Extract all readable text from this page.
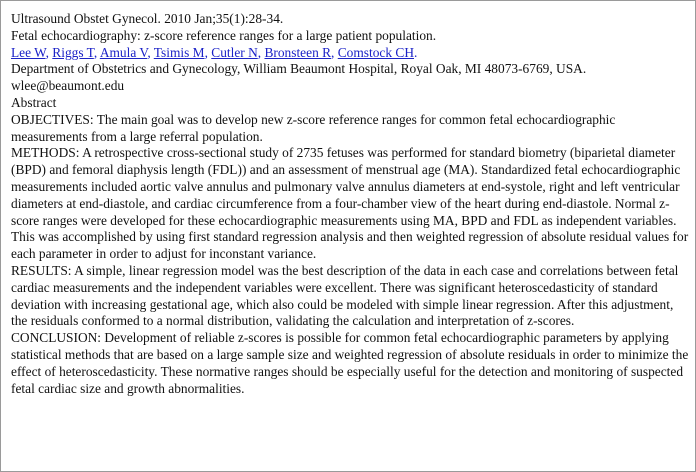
Ultrasound Obstet Gynecol. 2010 Jan;35(1):28-34.
Fetal echocardiography: z-score reference ranges for a large patient population.
Lee W, Riggs T, Amula V, Tsimis M, Cutler N, Bronsteen R, Comstock CH.
Department of Obstetrics and Gynecology, William Beaumont Hospital, Royal Oak, MI 48073-6769, USA.
wlee@beaumont.edu
Abstract
OBJECTIVES: The main goal was to develop new z-score reference ranges for common fetal echocardiographic measurements from a large referral population.
METHODS: A retrospective cross-sectional study of 2735 fetuses was performed for standard biometry (biparietal diameter (BPD) and femoral diaphysis length (FDL)) and an assessment of menstrual age (MA). Standardized fetal echocardiographic measurements included aortic valve annulus and pulmonary valve annulus diameters at end-systole, right and left ventricular diameters at end-diastole, and cardiac circumference from a four-chamber view of the heart during end-diastole. Normal z-score ranges were developed for these echocardiographic measurements using MA, BPD and FDL as independent variables. This was accomplished by using first standard regression analysis and then weighted regression of absolute residual values for each parameter in order to adjust for inconstant variance.
RESULTS: A simple, linear regression model was the best description of the data in each case and correlations between fetal cardiac measurements and the independent variables were excellent. There was significant heteroscedasticity of standard deviation with increasing gestational age, which also could be modeled with simple linear regression. After this adjustment, the residuals conformed to a normal distribution, validating the calculation and interpretation of z-scores.
CONCLUSION: Development of reliable z-scores is possible for common fetal echocardiographic parameters by applying statistical methods that are based on a large sample size and weighted regression of absolute residuals in order to minimize the effect of heteroscedasticity. These normative ranges should be especially useful for the detection and monitoring of suspected fetal cardiac size and growth abnormalities.
